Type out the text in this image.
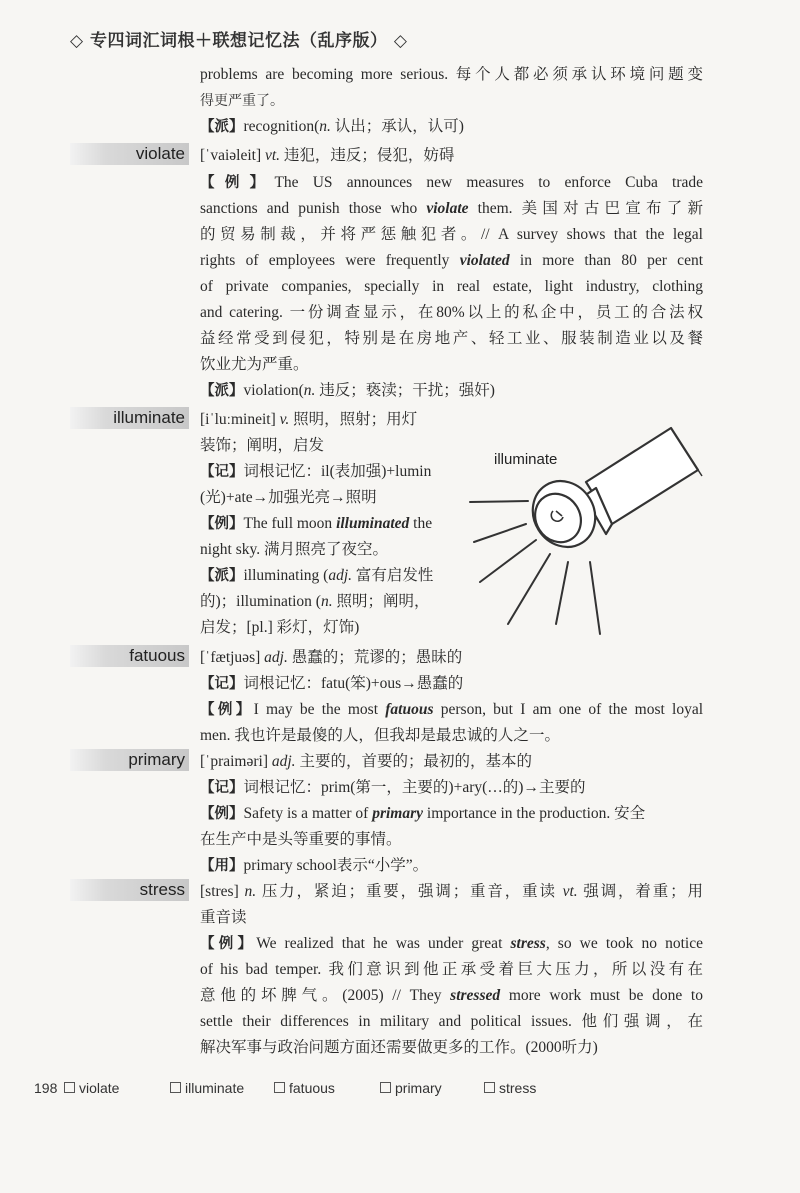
◇ 专四词汇词根＋联想记忆法（乱序版） ◇
problems are becoming more serious. 每个人都必须承认环境问题变
得更严重了。
【派】recognition(n. 认出；承认，认可)
violate [ˈvaiəleit] vt. 违犯，违反；侵犯，妨碍
【例】The US announces new measures to enforce Cuba trade
sanctions and punish those who violate them. 美国对古巴宣布了新
的贸易制裁，并将严惩触犯者。// A survey shows that the legal
rights of employees were frequently violated in more than 80 per cent
of private companies, specially in real estate, light industry, clothing
and catering. 一份调查显示，在80%以上的私企中，员工的合法权
益经常受到侵犯，特别是在房地产、轻工业、服装制造业以及餐
饮业尤为严重。
【派】violation(n. 违反；亵渎；干扰；强奸)
illuminate [iˈluːmineit] v. 照明，照射；用灯
装饰；阐明，启发
【记】词根记忆：il(表加强)+lumin
(光)+ate→加强光亮→照明
【例】The full moon illuminated the
night sky. 满月照亮了夜空。
【派】illuminating (adj. 富有启发性
的)；illumination (n. 照明；阐明，
启发；[pl.] 彩灯，灯饰)
illuminate
fatuous [ˈfætjuəs] adj. 愚蠢的；荒谬的；愚昧的
【记】词根记忆：fatu(笨)+ous→愚蠢的
【例】I may be the most fatuous person, but I am one of the most loyal
men. 我也许是最傻的人，但我却是最忠诚的人之一。
primary [ˈpraiməri] adj. 主要的，首要的；最初的，基本的
【记】词根记忆：prim(第一，主要的)+ary(…的)→主要的
【例】Safety is a matter of primary importance in the production. 安全
在生产中是头等重要的事情。
【用】primary school表示“小学”。
stress [stres] n. 压力，紧迫；重要，强调；重音，重读 vt. 强调，着重；用
重音读
【例】We realized that he was under great stress, so we took no notice
of his bad temper. 我们意识到他正承受着巨大压力，所以没有在
意他的坏脾气。(2005) // They stressed more work must be done to
settle their differences in military and political issues. 他们强调，在
解决军事与政治问题方面还需要做更多的工作。(2000听力)
198	violate	illuminate	fatuous	primary	stress
